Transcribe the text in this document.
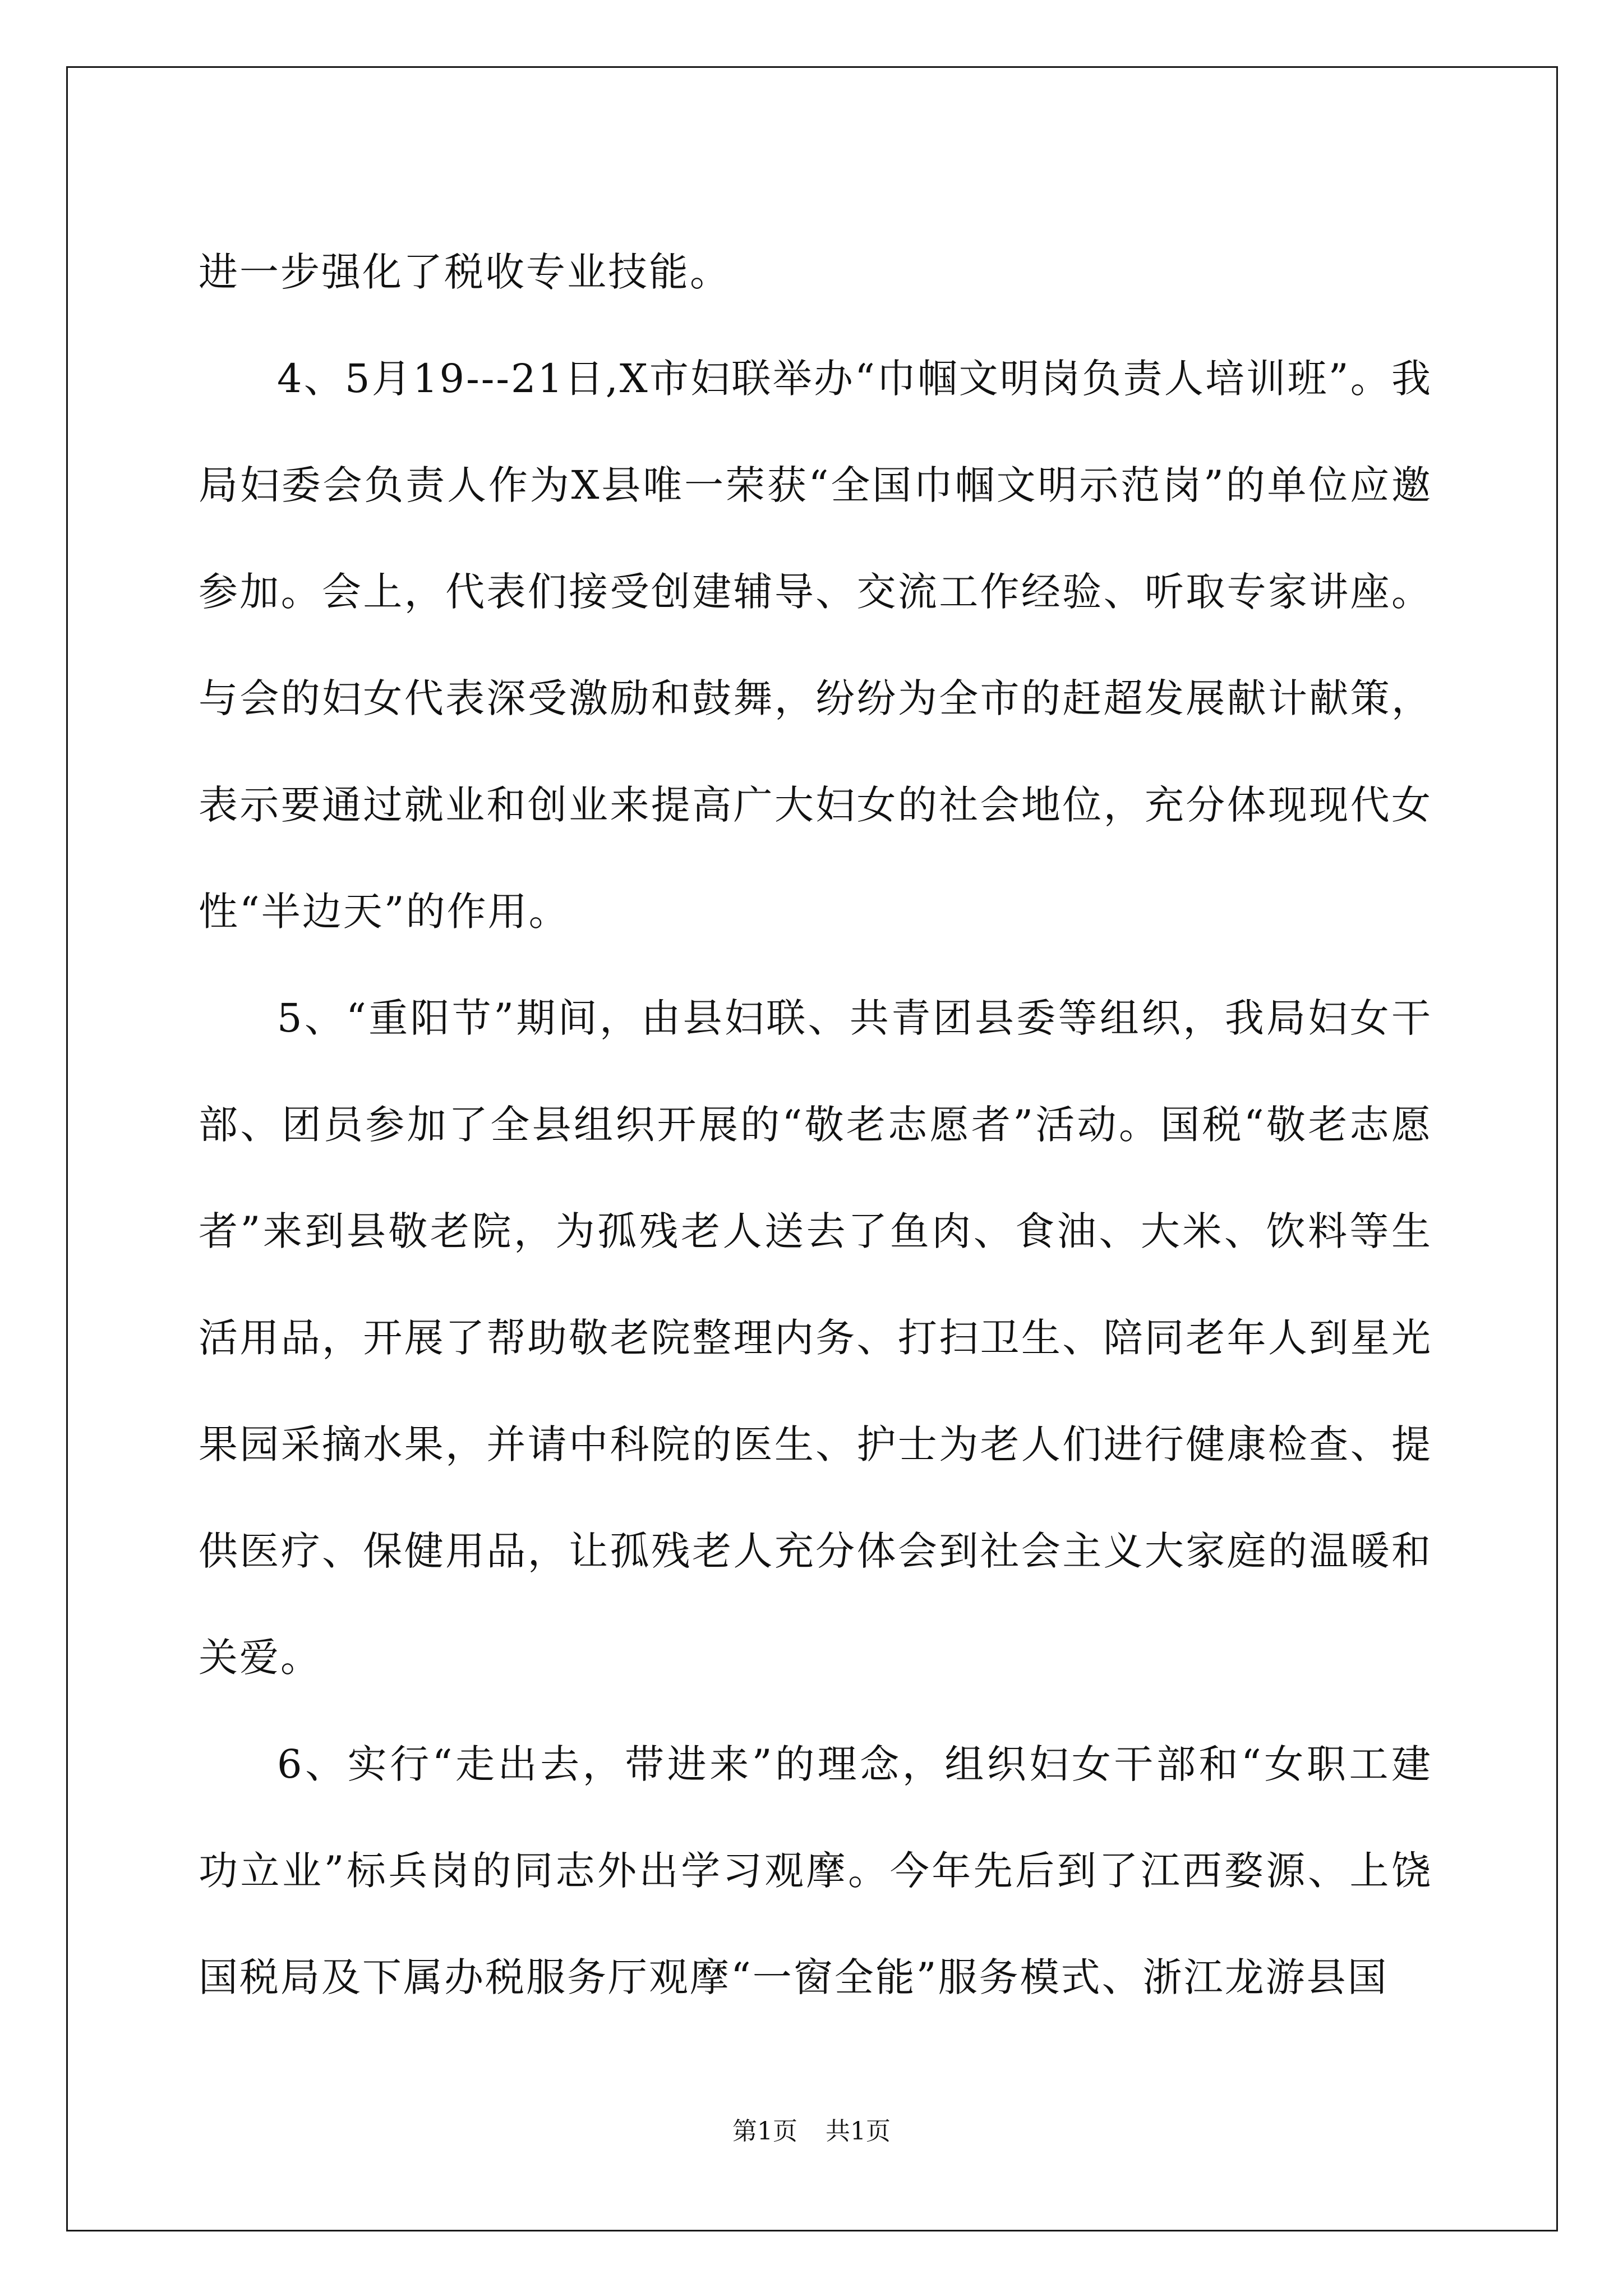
进一步强化了税收专业技能。

4、5月19---21日,X市妇联举办“巾帼文明岗负责人培训班”。我局妇委会负责人作为X县唯一荣获“全国巾帼文明示范岗”的单位应邀参加。会上，代表们接受创建辅导、交流工作经验、听取专家讲座。与会的妇女代表深受激励和鼓舞，纷纷为全市的赶超发展献计献策，表示要通过就业和创业来提高广大妇女的社会地位，充分体现现代女性“半边天”的作用。

5、“重阳节”期间，由县妇联、共青团县委等组织，我局妇女干部、团员参加了全县组织开展的“敬老志愿者”活动。国税“敬老志愿者”来到县敬老院，为孤残老人送去了鱼肉、食油、大米、饮料等生活用品，开展了帮助敬老院整理内务、打扫卫生、陪同老年人到星光果园采摘水果，并请中科院的医生、护士为老人们进行健康检查、提供医疗、保健用品，让孤残老人充分体会到社会主义大家庭的温暖和关爱。

6、实行“走出去，带进来”的理念，组织妇女干部和“女职工建功立业”标兵岗的同志外出学习观摩。今年先后到了江西婺源、上饶国税局及下属办税服务厅观摩“一窗全能”服务模式、浙江龙游县国

第1页 共1页
